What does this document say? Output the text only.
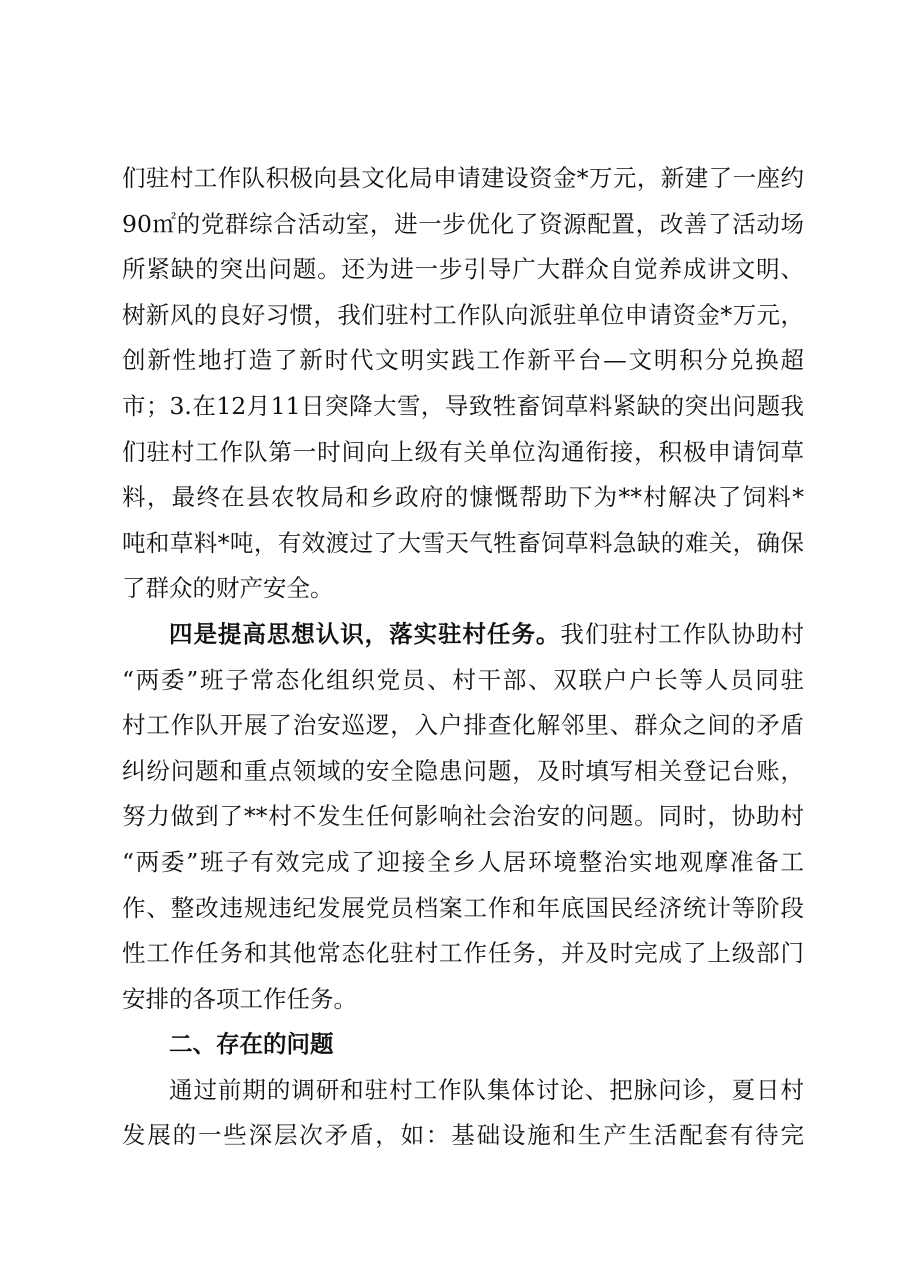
们驻村工作队积极向县文化局申请建设资金*万元，新建了一座约
90㎡的党群综合活动室，进一步优化了资源配置，改善了活动场
所紧缺的突出问题。还为进一步引导广大群众自觉养成讲文明、
树新风的良好习惯，我们驻村工作队向派驻单位申请资金*万元，
创新性地打造了新时代文明实践工作新平台—文明积分兑换超
市；3.在12月11日突降大雪，导致牲畜饲草料紧缺的突出问题我
们驻村工作队第一时间向上级有关单位沟通衔接，积极申请饲草
料，最终在县农牧局和乡政府的慷慨帮助下为**村解决了饲料*
吨和草料*吨，有效渡过了大雪天气牲畜饲草料急缺的难关，确保
了群众的财产安全。
四是提高思想认识，落实驻村任务。我们驻村工作队协助村
“两委”班子常态化组织党员、村干部、双联户户长等人员同驻
村工作队开展了治安巡逻，入户排查化解邻里、群众之间的矛盾
纠纷问题和重点领域的安全隐患问题，及时填写相关登记台账，
努力做到了**村不发生任何影响社会治安的问题。同时，协助村
“两委”班子有效完成了迎接全乡人居环境整治实地观摩准备工
作、整改违规违纪发展党员档案工作和年底国民经济统计等阶段
性工作任务和其他常态化驻村工作任务，并及时完成了上级部门
安排的各项工作任务。
二、存在的问题
通过前期的调研和驻村工作队集体讨论、把脉问诊，夏日村
发展的一些深层次矛盾，如：基础设施和生产生活配套有待完
